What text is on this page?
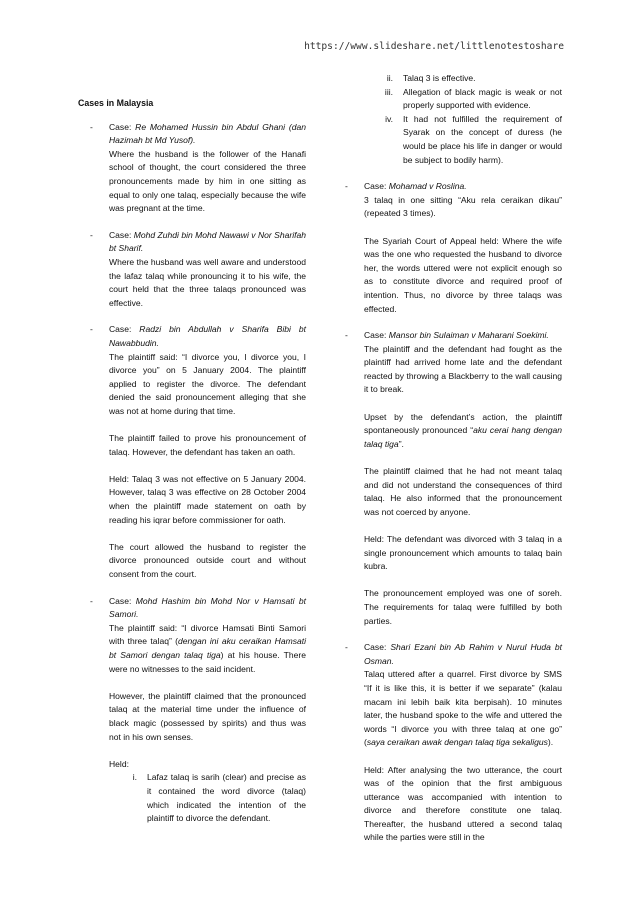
https://www.slideshare.net/littlenotestoshare
Cases in Malaysia
-	Case: Re Mohamed Hussin bin Abdul Ghani (dan Hazimah bt Md Yusof).

Where the husband is the follower of the Hanafi school of thought, the court considered the three pronouncements made by him in one sitting as equal to only one talaq, especially because the wife was pregnant at the time.

-	Case: Mohd Zuhdi bin Mohd Nawawi v Nor Sharifah bt Sharif.

Where the husband was well aware and understood the lafaz talaq while pronouncing it to his wife, the court held that the three talaqs pronounced was effective.

-	Case: Radzi bin Abdullah v Sharifa Bibi bt Nawabbudin.

The plaintiff said: “I divorce you, I divorce you, I divorce you” on 5 January 2004. The plaintiff applied to register the divorce. The defendant denied the said pronouncement alleging that she was not at home during that time.

The plaintiff failed to prove his pronouncement of talaq. However, the defendant has taken an oath.

Held: Talaq 3 was not effective on 5 January 2004. However, talaq 3 was effective on 28 October 2004 when the plaintiff made statement on oath by reading his iqrar before commissioner for oath.

The court allowed the husband to register the divorce pronounced outside court and without consent from the court.

-	Case: Mohd Hashim bin Mohd Nor v Hamsati bt Samori.

The plaintiff said: “I divorce Hamsati Binti Samori with three talaq” (dengan ini aku ceraikan Hamsati bt Samori dengan talaq tiga) at his house. There were no witnesses to the said incident.

However, the plaintiff claimed that the pronounced talaq at the material time under the influence of black magic (possessed by spirits) and thus was not in his own senses.

Held:

i.	Lafaz talaq is sarih (clear) and precise as it contained the word divorce (talaq) which indicated the intention of the plaintiff to divorce the defendant.
ii.	Talaq 3 is effective.
iii.	Allegation of black magic is weak or not properly supported with evidence.
iv.	It had not fulfilled the requirement of Syarak on the concept of duress (he would be place his life in danger or would be subject to bodily harm).
-	Case: Mohamad v Roslina.

3 talaq in one sitting “Aku rela ceraikan dikau” (repeated 3 times).

The Syariah Court of Appeal held: Where the wife was the one who requested the husband to divorce her, the words uttered were not explicit enough so as to constitute divorce and required proof of intention. Thus, no divorce by three talaqs was effected.

-	Case: Mansor bin Sulaiman v Maharani Soekimi.

The plaintiff and the defendant had fought as the plaintiff had arrived home late and the defendant reacted by throwing a Blackberry to the wall causing it to break.

Upset by the defendant’s action, the plaintiff spontaneously pronounced “aku cerai hang dengan talaq tiga”.

The plaintiff claimed that he had not meant talaq and did not understand the consequences of third talaq. He also informed that the pronouncement was not coerced by anyone.

Held: The defendant was divorced with 3 talaq in a single pronouncement which amounts to talaq bain kubra.

The pronouncement employed was one of soreh. The requirements for talaq were fulfilled by both parties.

-	Case: Shari Ezani bin Ab Rahim v Nurul Huda bt Osman.

Talaq uttered after a quarrel. First divorce by SMS “If it is like this, it is better if we separate” (kalau macam ini lebih baik kita berpisah). 10 minutes later, the husband spoke to the wife and uttered the words “I divorce you with three talaq at one go” (saya ceraikan awak dengan talaq tiga sekaligus).

Held: After analysing the two utterance, the court was of the opinion that the first ambiguous utterance was accompanied with intention to divorce and therefore constitute one talaq. Thereafter, the husband uttered a second talaq while the parties were still in the
